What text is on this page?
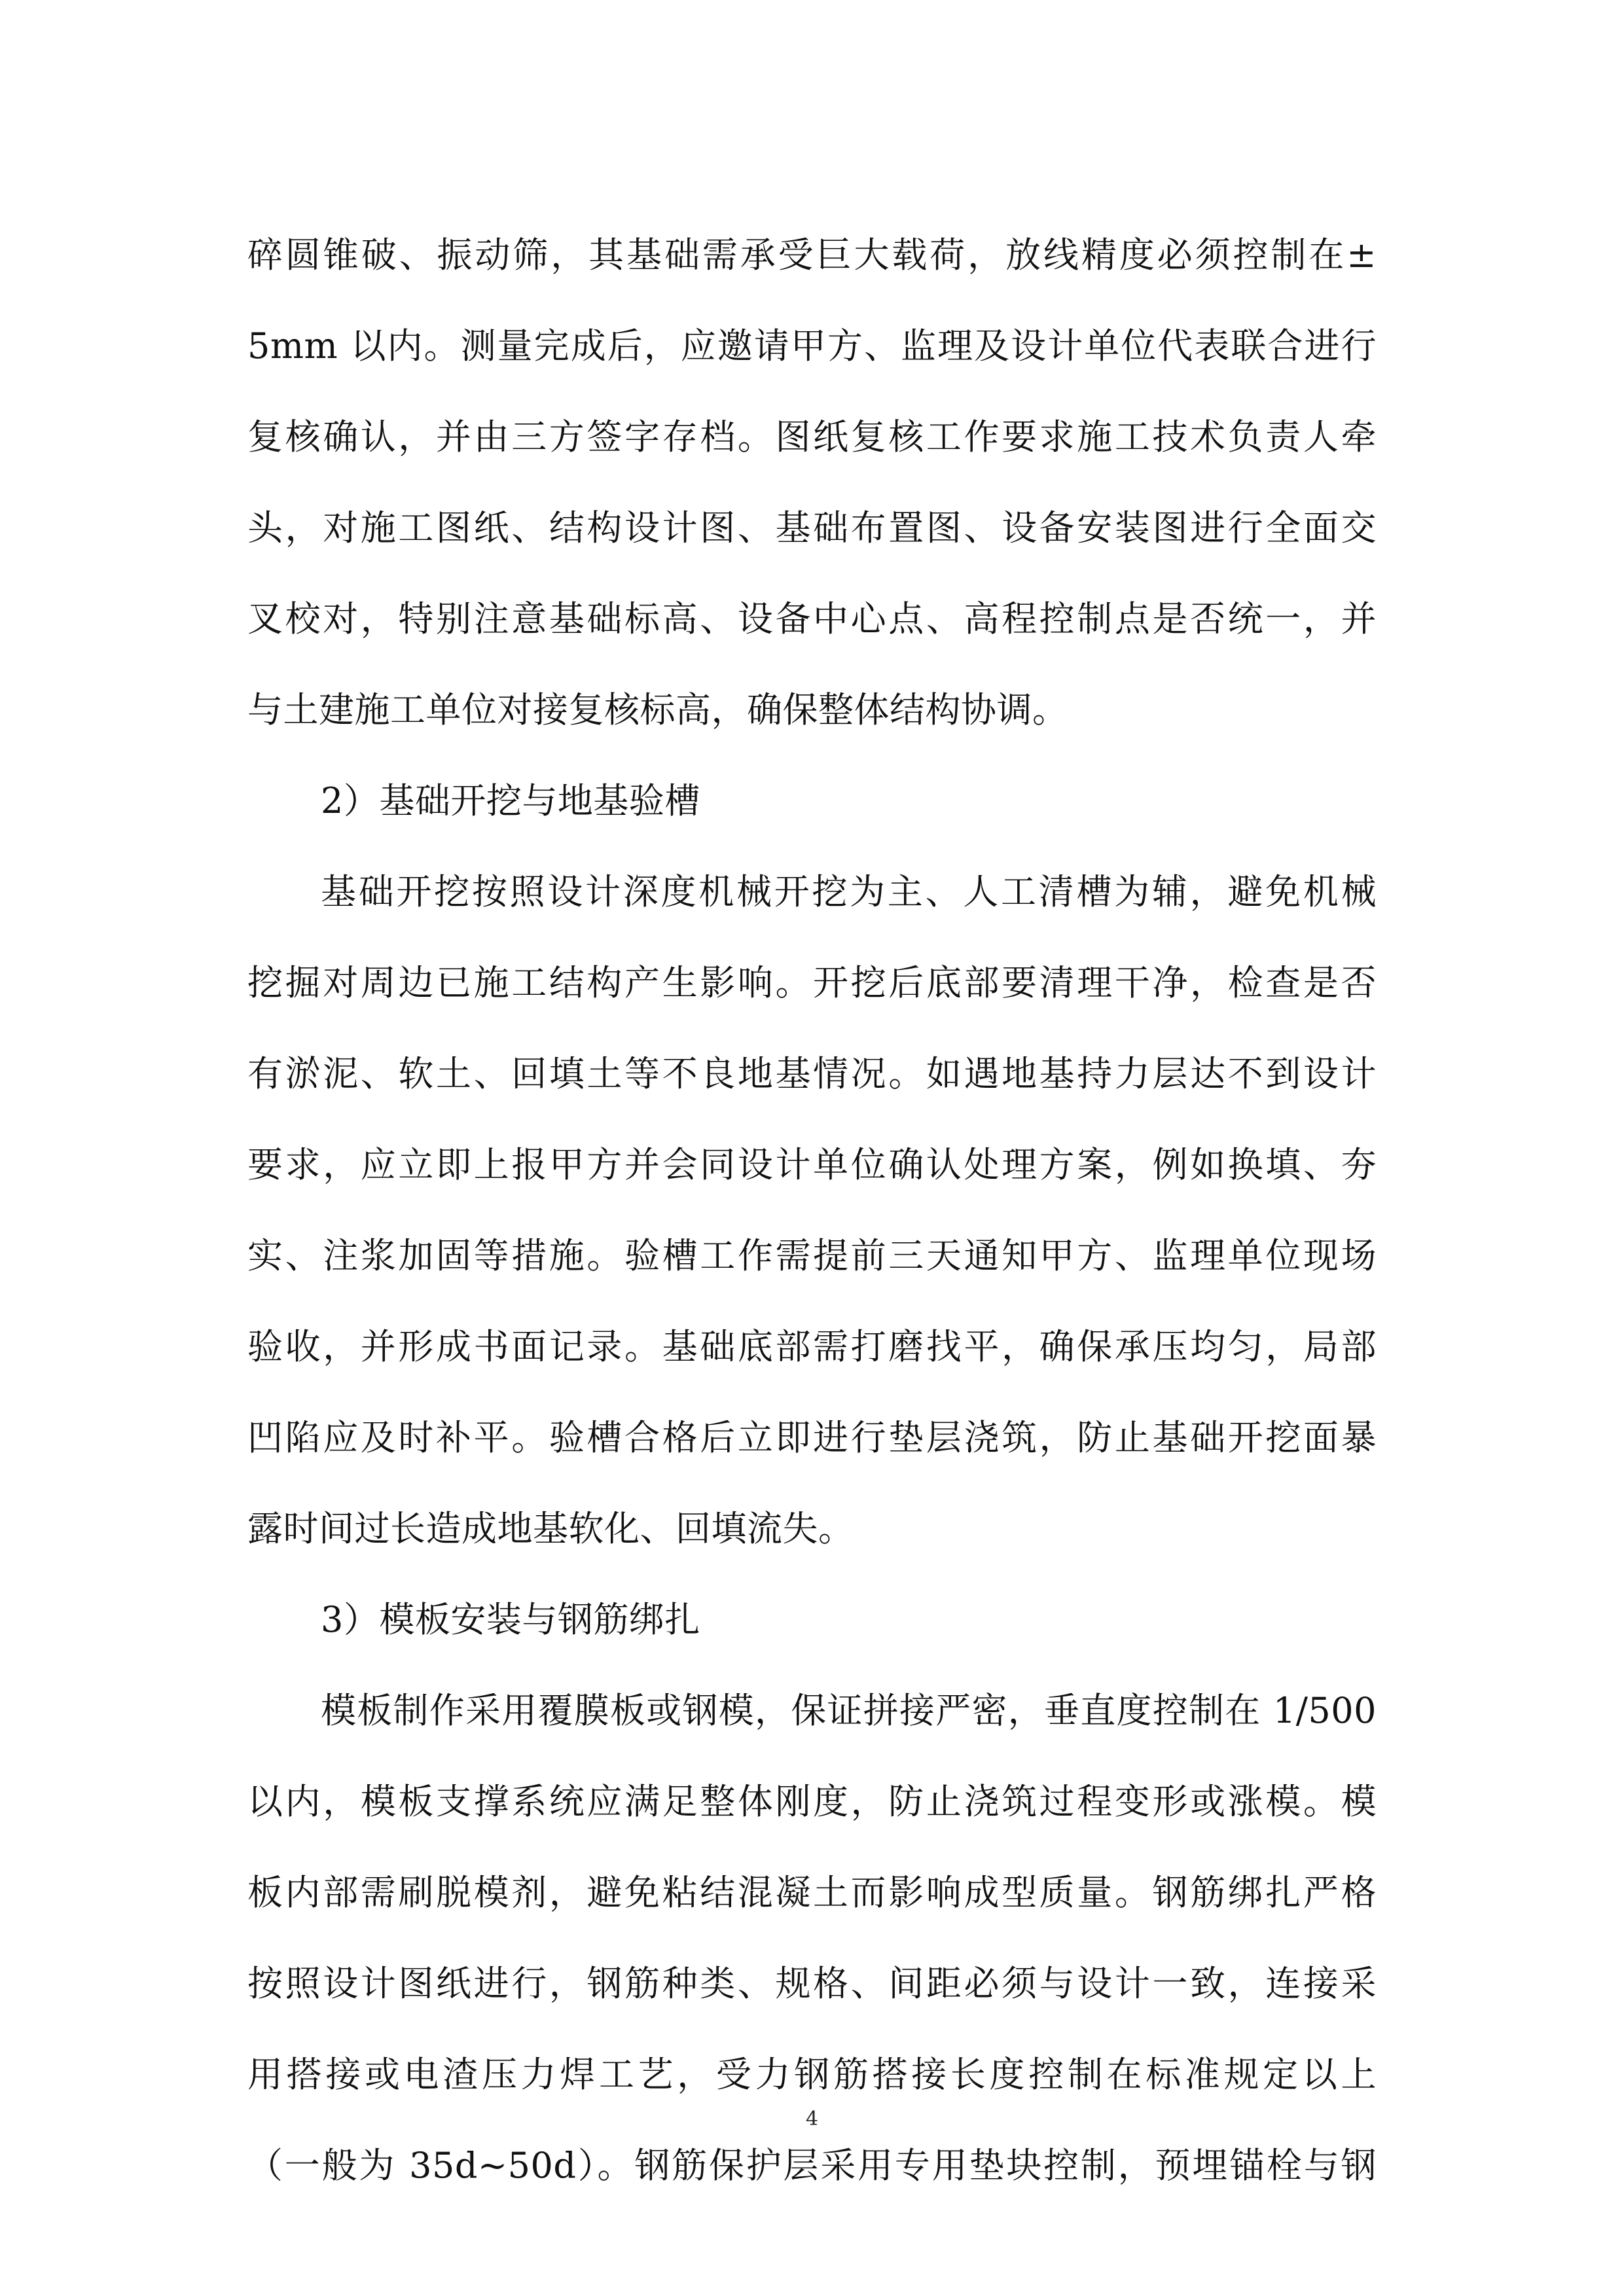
碎圆锥破、振动筛，其基础需承受巨大载荷，放线精度必须控制在±
5mm 以内。测量完成后，应邀请甲方、监理及设计单位代表联合进行
复核确认，并由三方签字存档。图纸复核工作要求施工技术负责人牵
头，对施工图纸、结构设计图、基础布置图、设备安装图进行全面交
叉校对，特别注意基础标高、设备中心点、高程控制点是否统一，并
与土建施工单位对接复核标高，确保整体结构协调。
2）基础开挖与地基验槽
基础开挖按照设计深度机械开挖为主、人工清槽为辅，避免机械
挖掘对周边已施工结构产生影响。开挖后底部要清理干净，检查是否
有淤泥、软土、回填土等不良地基情况。如遇地基持力层达不到设计
要求，应立即上报甲方并会同设计单位确认处理方案，例如换填、夯
实、注浆加固等措施。验槽工作需提前三天通知甲方、监理单位现场
验收，并形成书面记录。基础底部需打磨找平，确保承压均匀，局部
凹陷应及时补平。验槽合格后立即进行垫层浇筑，防止基础开挖面暴
露时间过长造成地基软化、回填流失。
3）模板安装与钢筋绑扎
模板制作采用覆膜板或钢模，保证拼接严密，垂直度控制在 1/500
以内，模板支撑系统应满足整体刚度，防止浇筑过程变形或涨模。模
板内部需刷脱模剂，避免粘结混凝土而影响成型质量。钢筋绑扎严格
按照设计图纸进行，钢筋种类、规格、间距必须与设计一致，连接采
用搭接或电渣压力焊工艺，受力钢筋搭接长度控制在标准规定以上
（一般为 35d~50d）。钢筋保护层采用专用垫块控制，预埋锚栓与钢
4
